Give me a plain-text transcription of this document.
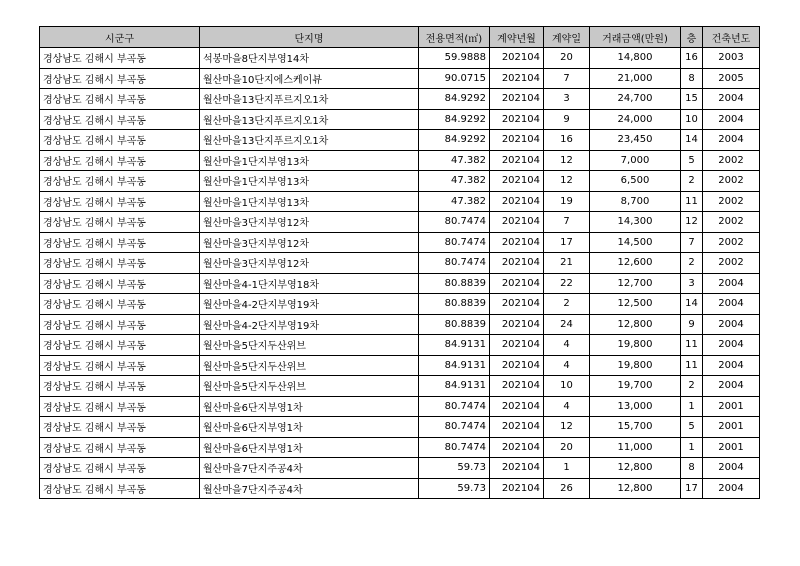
시군구	단지명	전용면적(㎡)	계약년월	계약일	거래금액(만원)	층	건축년도
경상남도 김해시 부곡동	석봉마을8단지부영14차	59.9888	202104	20	14,800	16	2003
경상남도 김해시 부곡동	월산마을10단지에스케이뷰	90.0715	202104	7	21,000	8	2005
경상남도 김해시 부곡동	월산마을13단지푸르지오1차	84.9292	202104	3	24,700	15	2004
경상남도 김해시 부곡동	월산마을13단지푸르지오1차	84.9292	202104	9	24,000	10	2004
경상남도 김해시 부곡동	월산마을13단지푸르지오1차	84.9292	202104	16	23,450	14	2004
경상남도 김해시 부곡동	월산마을1단지부영13차	47.382	202104	12	7,000	5	2002
경상남도 김해시 부곡동	월산마을1단지부영13차	47.382	202104	12	6,500	2	2002
경상남도 김해시 부곡동	월산마을1단지부영13차	47.382	202104	19	8,700	11	2002
경상남도 김해시 부곡동	월산마을3단지부영12차	80.7474	202104	7	14,300	12	2002
경상남도 김해시 부곡동	월산마을3단지부영12차	80.7474	202104	17	14,500	7	2002
경상남도 김해시 부곡동	월산마을3단지부영12차	80.7474	202104	21	12,600	2	2002
경상남도 김해시 부곡동	월산마을4-1단지부영18차	80.8839	202104	22	12,700	3	2004
경상남도 김해시 부곡동	월산마을4-2단지부영19차	80.8839	202104	2	12,500	14	2004
경상남도 김해시 부곡동	월산마을4-2단지부영19차	80.8839	202104	24	12,800	9	2004
경상남도 김해시 부곡동	월산마을5단지두산위브	84.9131	202104	4	19,800	11	2004
경상남도 김해시 부곡동	월산마을5단지두산위브	84.9131	202104	4	19,800	11	2004
경상남도 김해시 부곡동	월산마을5단지두산위브	84.9131	202104	10	19,700	2	2004
경상남도 김해시 부곡동	월산마을6단지부영1차	80.7474	202104	4	13,000	1	2001
경상남도 김해시 부곡동	월산마을6단지부영1차	80.7474	202104	12	15,700	5	2001
경상남도 김해시 부곡동	월산마을6단지부영1차	80.7474	202104	20	11,000	1	2001
경상남도 김해시 부곡동	월산마을7단지주공4차	59.73	202104	1	12,800	8	2004
경상남도 김해시 부곡동	월산마을7단지주공4차	59.73	202104	26	12,800	17	2004
